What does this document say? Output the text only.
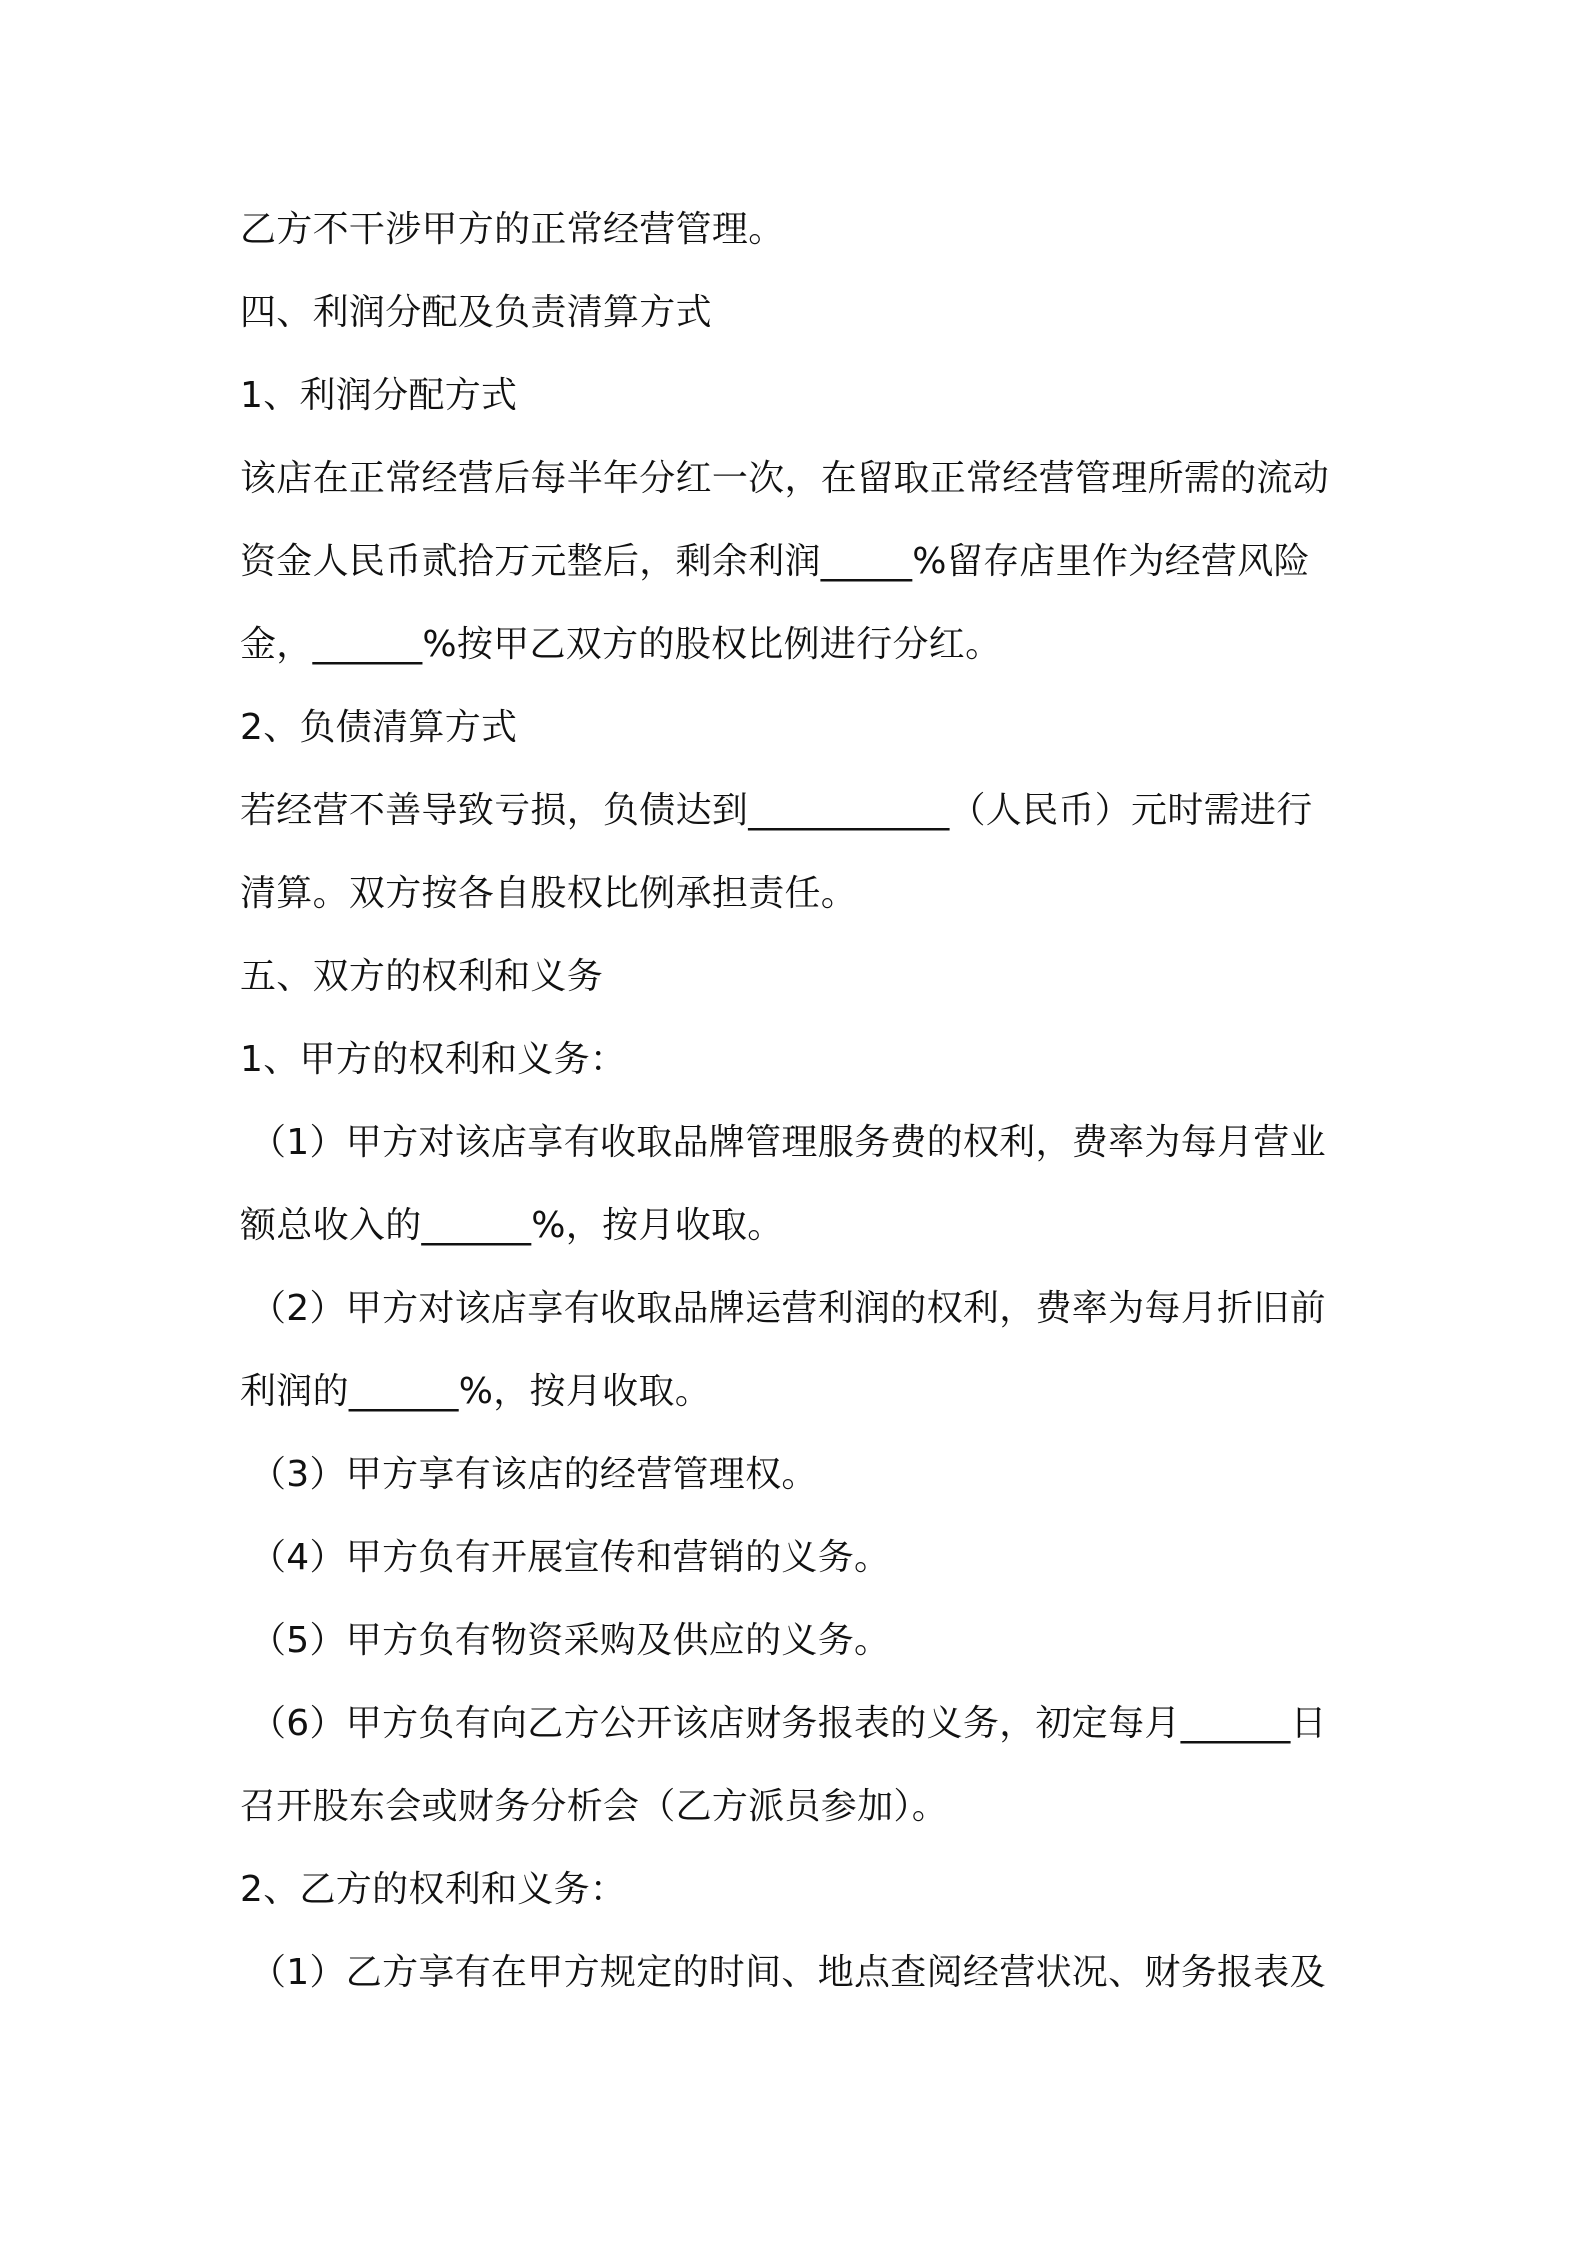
乙方不干涉甲方的正常经营管理。
四、利润分配及负责清算方式
1、利润分配方式
该店在正常经营后每半年分红一次，在留取正常经营管理所需的流动
资金人民币贰拾万元整后，剩余利润_____%留存店里作为经营风险
金，______%按甲乙双方的股权比例进行分红。
2、负债清算方式
若经营不善导致亏损，负债达到___________（人民币）元时需进行
清算。双方按各自股权比例承担责任。
五、双方的权利和义务
1、甲方的权利和义务：
（1）甲方对该店享有收取品牌管理服务费的权利，费率为每月营业
额总收入的______%，按月收取。
（2）甲方对该店享有收取品牌运营利润的权利，费率为每月折旧前
利润的______%，按月收取。
（3）甲方享有该店的经营管理权。
（4）甲方负有开展宣传和营销的义务。
（5）甲方负有物资采购及供应的义务。
（6）甲方负有向乙方公开该店财务报表的义务，初定每月______日
召开股东会或财务分析会（乙方派员参加）。
2、乙方的权利和义务：
（1）乙方享有在甲方规定的时间、地点查阅经营状况、财务报表及
